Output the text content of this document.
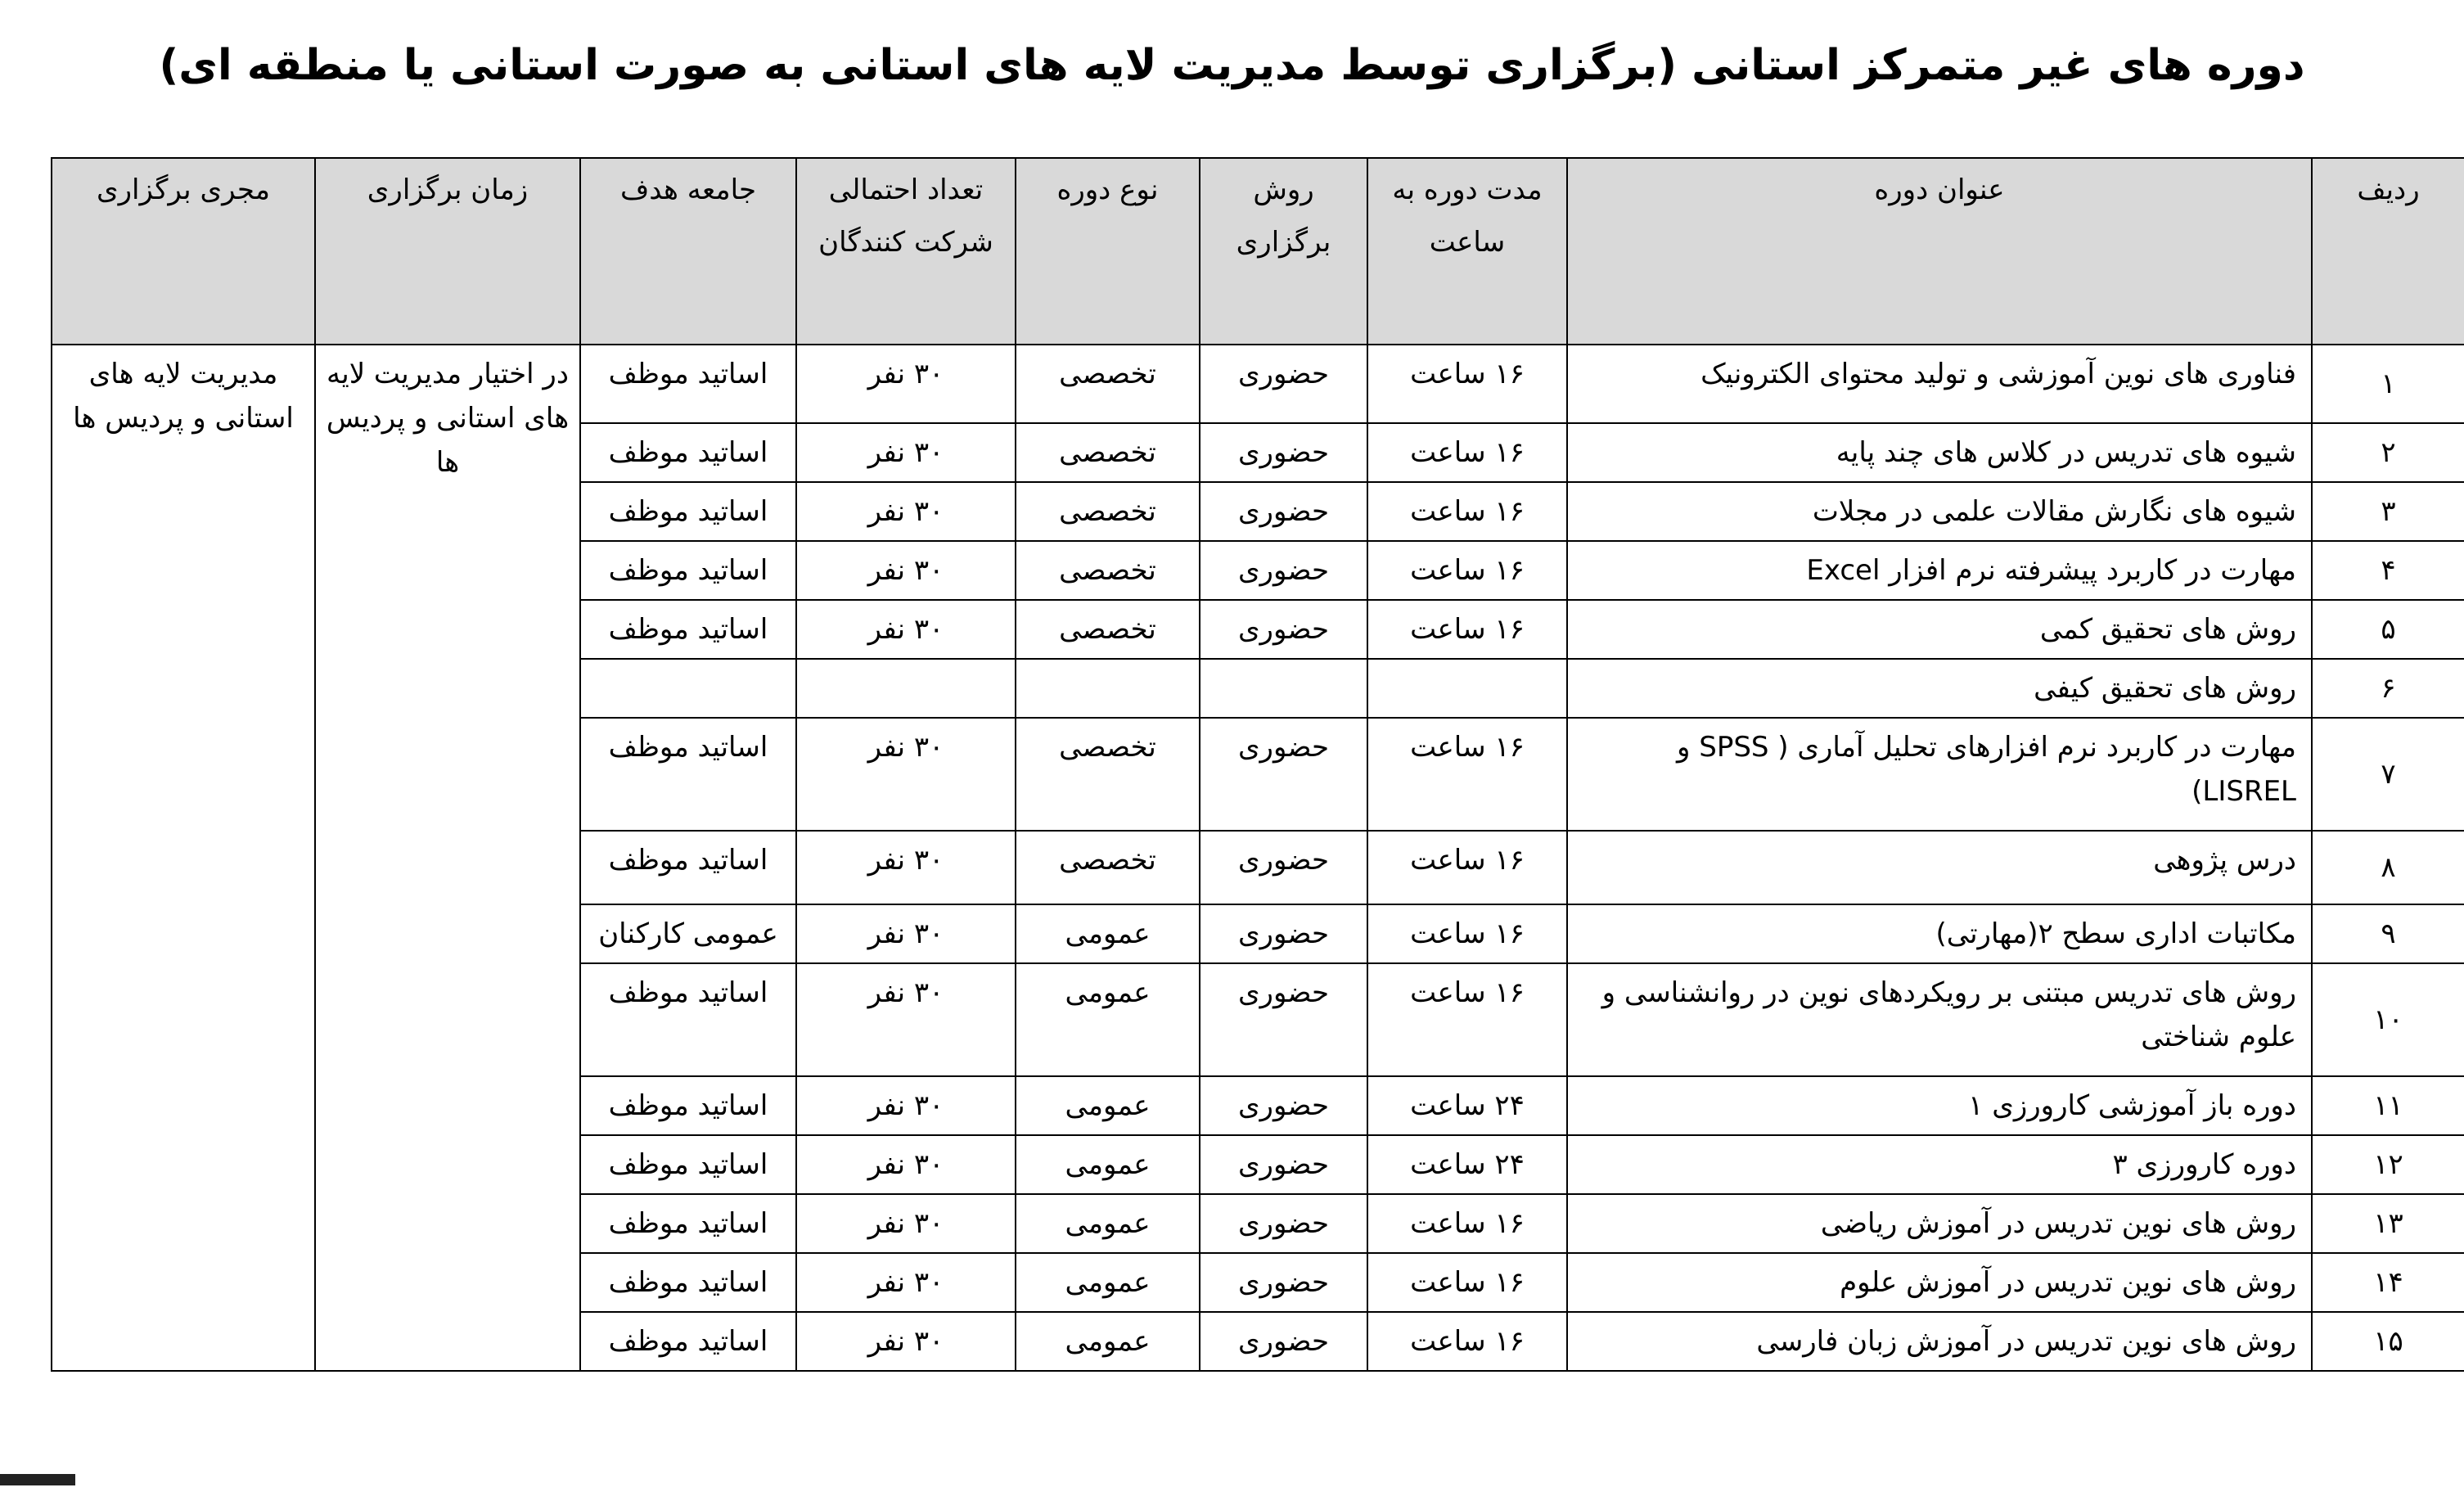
دوره های غیر متمرکز استانی (برگزاری توسط مدیریت لایه های استانی به صورت استانی یا منطقه ای)
ردیف	عنوان دوره	مدت دوره به ساعت	روش برگزاری	نوع دوره	تعداد احتمالی شرکت کنندگان	جامعه هدف	زمان برگزاری	مجری برگزاری
۱	فناوری های نوین آموزشی و تولید محتوای الکترونیک	۱۶ ساعت	حضوری	تخصصی	۳۰ نفر	اساتید موظف	در اختیار مدیریت لایه های استانی و پردیس ها	مدیریت لایه های استانی و پردیس ها
۲	شیوه های تدریس در کلاس های چند پایه	۱۶ ساعت	حضوری	تخصصی	۳۰ نفر	اساتید موظف		
۳	شیوه های نگارش مقالات علمی در مجلات	۱۶ ساعت	حضوری	تخصصی	۳۰ نفر	اساتید موظف		
۴	مهارت در کاربرد پیشرفته نرم افزار Excel	۱۶ ساعت	حضوری	تخصصی	۳۰ نفر	اساتید موظف		
۵	روش های تحقیق کمی	۱۶ ساعت	حضوری	تخصصی	۳۰ نفر	اساتید موظف		
۶	روش های تحقیق کیفی							
۷	مهارت در کاربرد نرم افزارهای تحلیل آماری ( SPSS و LISREL)	۱۶ ساعت	حضوری	تخصصی	۳۰ نفر	اساتید موظف		
۸	درس پژوهی	۱۶ ساعت	حضوری	تخصصی	۳۰ نفر	اساتید موظف		
۹	مکاتبات اداری سطح ۲(مهارتی)	۱۶ ساعت	حضوری	عمومی	۳۰ نفر	عمومی کارکنان		
۱۰	روش های تدریس مبتنی بر رویکردهای نوین در روانشناسی و علوم شناختی	۱۶ ساعت	حضوری	عمومی	۳۰ نفر	اساتید موظف		
۱۱	دوره باز آموزشی کارورزی ۱	۲۴ ساعت	حضوری	عمومی	۳۰ نفر	اساتید موظف		
۱۲	دوره کارورزی ۳	۲۴ ساعت	حضوری	عمومی	۳۰ نفر	اساتید موظف		
۱۳	روش های نوین تدریس در آموزش ریاضی	۱۶ ساعت	حضوری	عمومی	۳۰ نفر	اساتید موظف		
۱۴	روش های نوین تدریس در آموزش علوم	۱۶ ساعت	حضوری	عمومی	۳۰ نفر	اساتید موظف		
۱۵	روش های نوین تدریس در آموزش زبان فارسی	۱۶ ساعت	حضوری	عمومی	۳۰ نفر	اساتید موظف		
